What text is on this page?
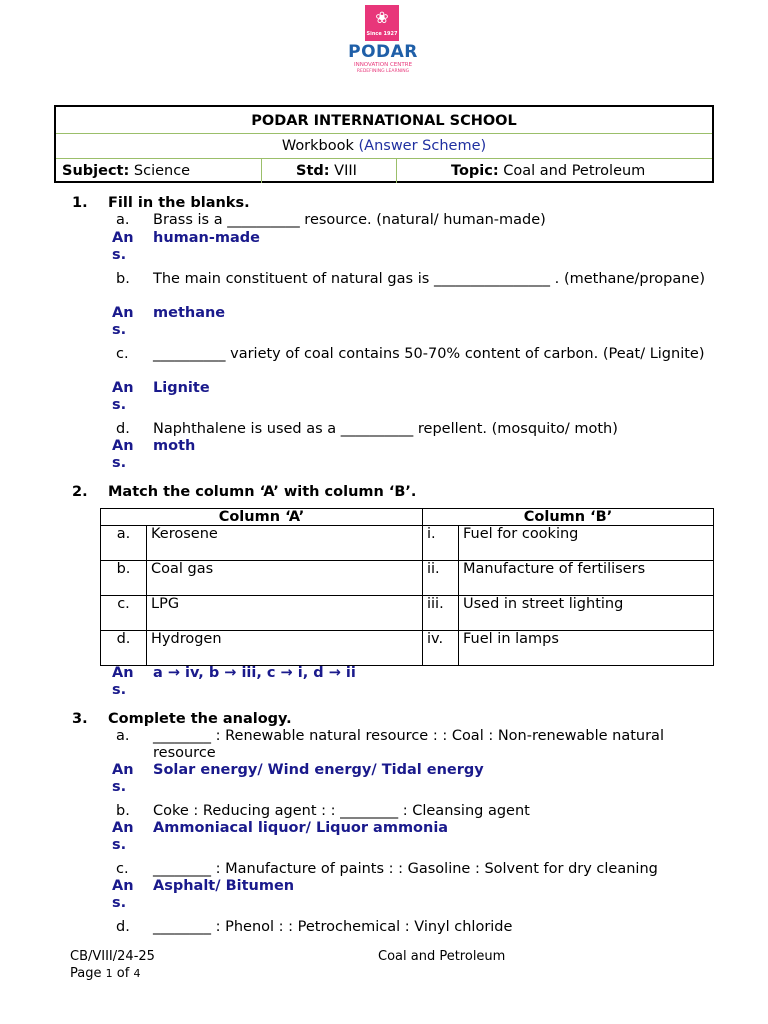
❀
Since 1927
PODAR
INNOVATION CENTRE
REDEFINING LEARNING
PODAR INTERNATIONAL SCHOOL
Workbook (Answer Scheme)
Subject: Science	Std: VIII	Topic: Coal and Petroleum
1. Fill in the blanks.
a. Brass is a __________ resource. (natural/ human-made)
An
s.
human-made
b. The main constituent of natural gas is ________________ . (methane/propane)
An
s.
methane
c. __________ variety of coal contains 50-70% content of carbon. (Peat/ Lignite)
An
s.
Lignite
d. Naphthalene is used as a __________ repellent. (mosquito/ moth)
An
s.
moth
2. Match the column ‘A’ with column ‘B’.
Column ‘A’		Column ‘B’	
a.	Kerosene	i.	Fuel for cooking
b.	Coal gas	ii.	Manufacture of fertilisers
c.	LPG	iii.	Used in street lighting
d.	Hydrogen	iv.	Fuel in lamps
An
s.
a → iv, b → iii, c → i, d → ii
3. Complete the analogy.
a. ________ : Renewable natural resource : : Coal : Non-renewable natural resource
An
s.
Solar energy/ Wind energy/ Tidal energy
b. Coke : Reducing agent : : ________ : Cleansing agent
An
s.
Ammoniacal liquor/ Liquor ammonia
c. ________ : Manufacture of paints : : Gasoline : Solvent for dry cleaning
An
s.
Asphalt/ Bitumen
d. ________ : Phenol : : Petrochemical : Vinyl chloride
CB/VIII/24-25
Page 1 of 4
Coal and Petroleum
